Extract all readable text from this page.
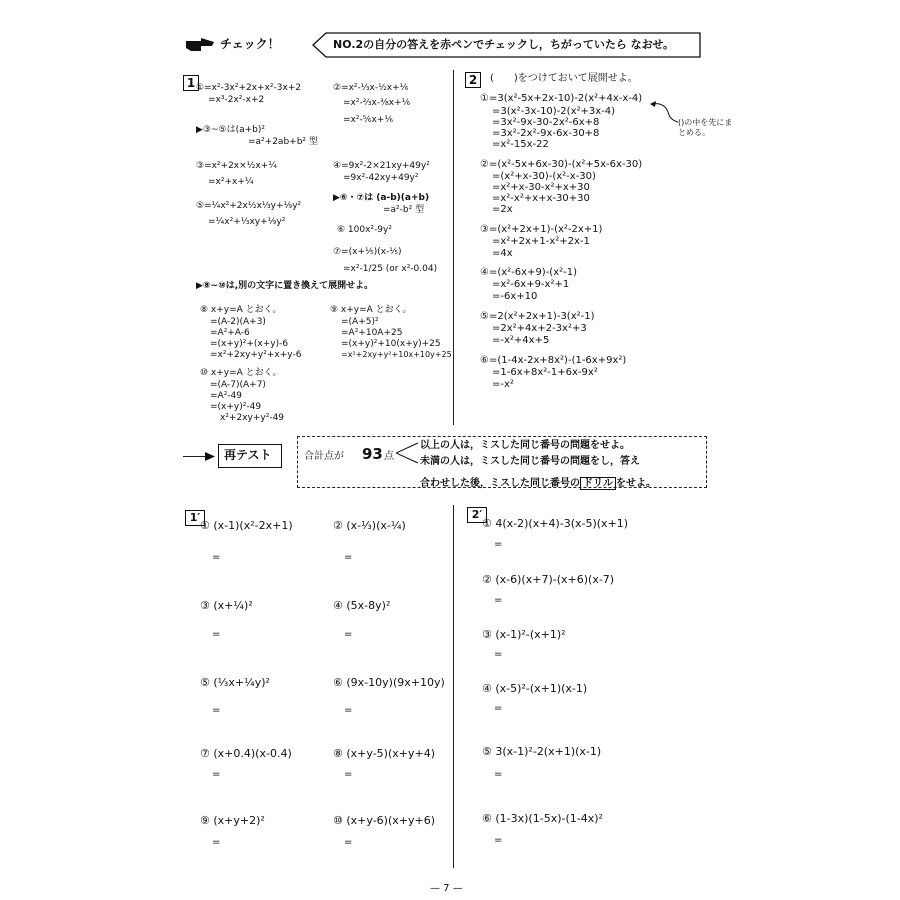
チェック！	NO.2の自分の答えを赤ペンでチェックし，ちがっていたら なおせ。
1 ①=x²-3x²+2x+x²-3x+2
=x³-2x²-x+2
▶③~⑤は(a+b)²
=a²+2ab+b² 型
③=x²+2x×½x+¼
=x²+x+¼
⑤=¼x²+2x½x⅓y+⅑y²
=¼x²+⅓xy+⅑y²
▶⑧~⑩は,別の文字に置き換えて展開せよ。
⑧ x+y=A とおく。
=(A-2)(A+3)
=A²+A-6
=(x+y)²+(x+y)-6
=x²+2xy+y²+x+y-6
⑩ x+y=A とおく。
=(A-7)(A+7)
=A²-49
=(x+y)²-49
x²+2xy+y²-49
②=x²-⅓x-½x+⅙
=x²-⅔x-⅜x+⅙
=x²-⅚x+⅙
④=9x²-2×21xy+49y²
=9x²-42xy+49y²
▶⑥・⑦は (a-b)(a+b)
=a²-b² 型
⑥ 100x²-9y²
⑦=(x+⅕)(x-⅕)
=x²-1/25 (or x²-0.04)
⑨ x+y=A とおく。
=(A+5)²
=A²+10A+25
=(x+y)²+10(x+y)+25
=x²+2xy+y²+10x+10y+25
2	(　　)をつけておいて展開せよ。
①=3(x²-5x+2x-10)-2(x²+4x-x-4)
=3(x²-3x-10)-2(x²+3x-4)
=3x²-9x-30-2x²-6x+8
=3x²-2x²-9x-6x-30+8
=x²-15x-22
②=(x²-5x+6x-30)-(x²+5x-6x-30)
=(x²+x-30)-(x²-x-30)
=x²+x-30-x²+x+30
=x²-x²+x+x-30+30
=2x
③=(x²+2x+1)-(x²-2x+1)
=x²+2x+1-x²+2x-1
=4x
④=(x²-6x+9)-(x²-1)
=x²-6x+9-x²+1
=-6x+10
⑤=2(x²+2x+1)-3(x²-1)
=2x²+4x+2-3x²+3
=-x²+4x+5
⑥=(1-4x-2x+8x²)-(1-6x+9x²)
=1-6x+8x²-1+6x-9x²
=-x²
()の中を先にまとめる。
再テスト	合計点が 93 点
以上の人は，ミスした同じ番号の問題をせよ。
未満の人は，ミスした同じ番号の問題をし，答え
合わせした後，ミスした同じ番号の ドリル をせよ。
1′
① (x-1)(x²-2x+1)	② (x-⅓)(x-¼)
=	=
③ (x+¼)²	④ (5x-8y)²
=	=
⑤ (⅓x+¼y)²	⑥ (9x-10y)(9x+10y)
=	=
⑦ (x+0.4)(x-0.4)	⑧ (x+y-5)(x+y+4)
=	=
⑨ (x+y+2)²	⑩ (x+y-6)(x+y+6)
=	=
2′
① 4(x-2)(x+4)-3(x-5)(x+1)
=
② (x-6)(x+7)-(x+6)(x-7)
=
③ (x-1)²-(x+1)²
=
④ (x-5)²-(x+1)(x-1)
=
⑤ 3(x-1)²-2(x+1)(x-1)
=
⑥ (1-3x)(1-5x)-(1-4x)²
=
— 7 —
